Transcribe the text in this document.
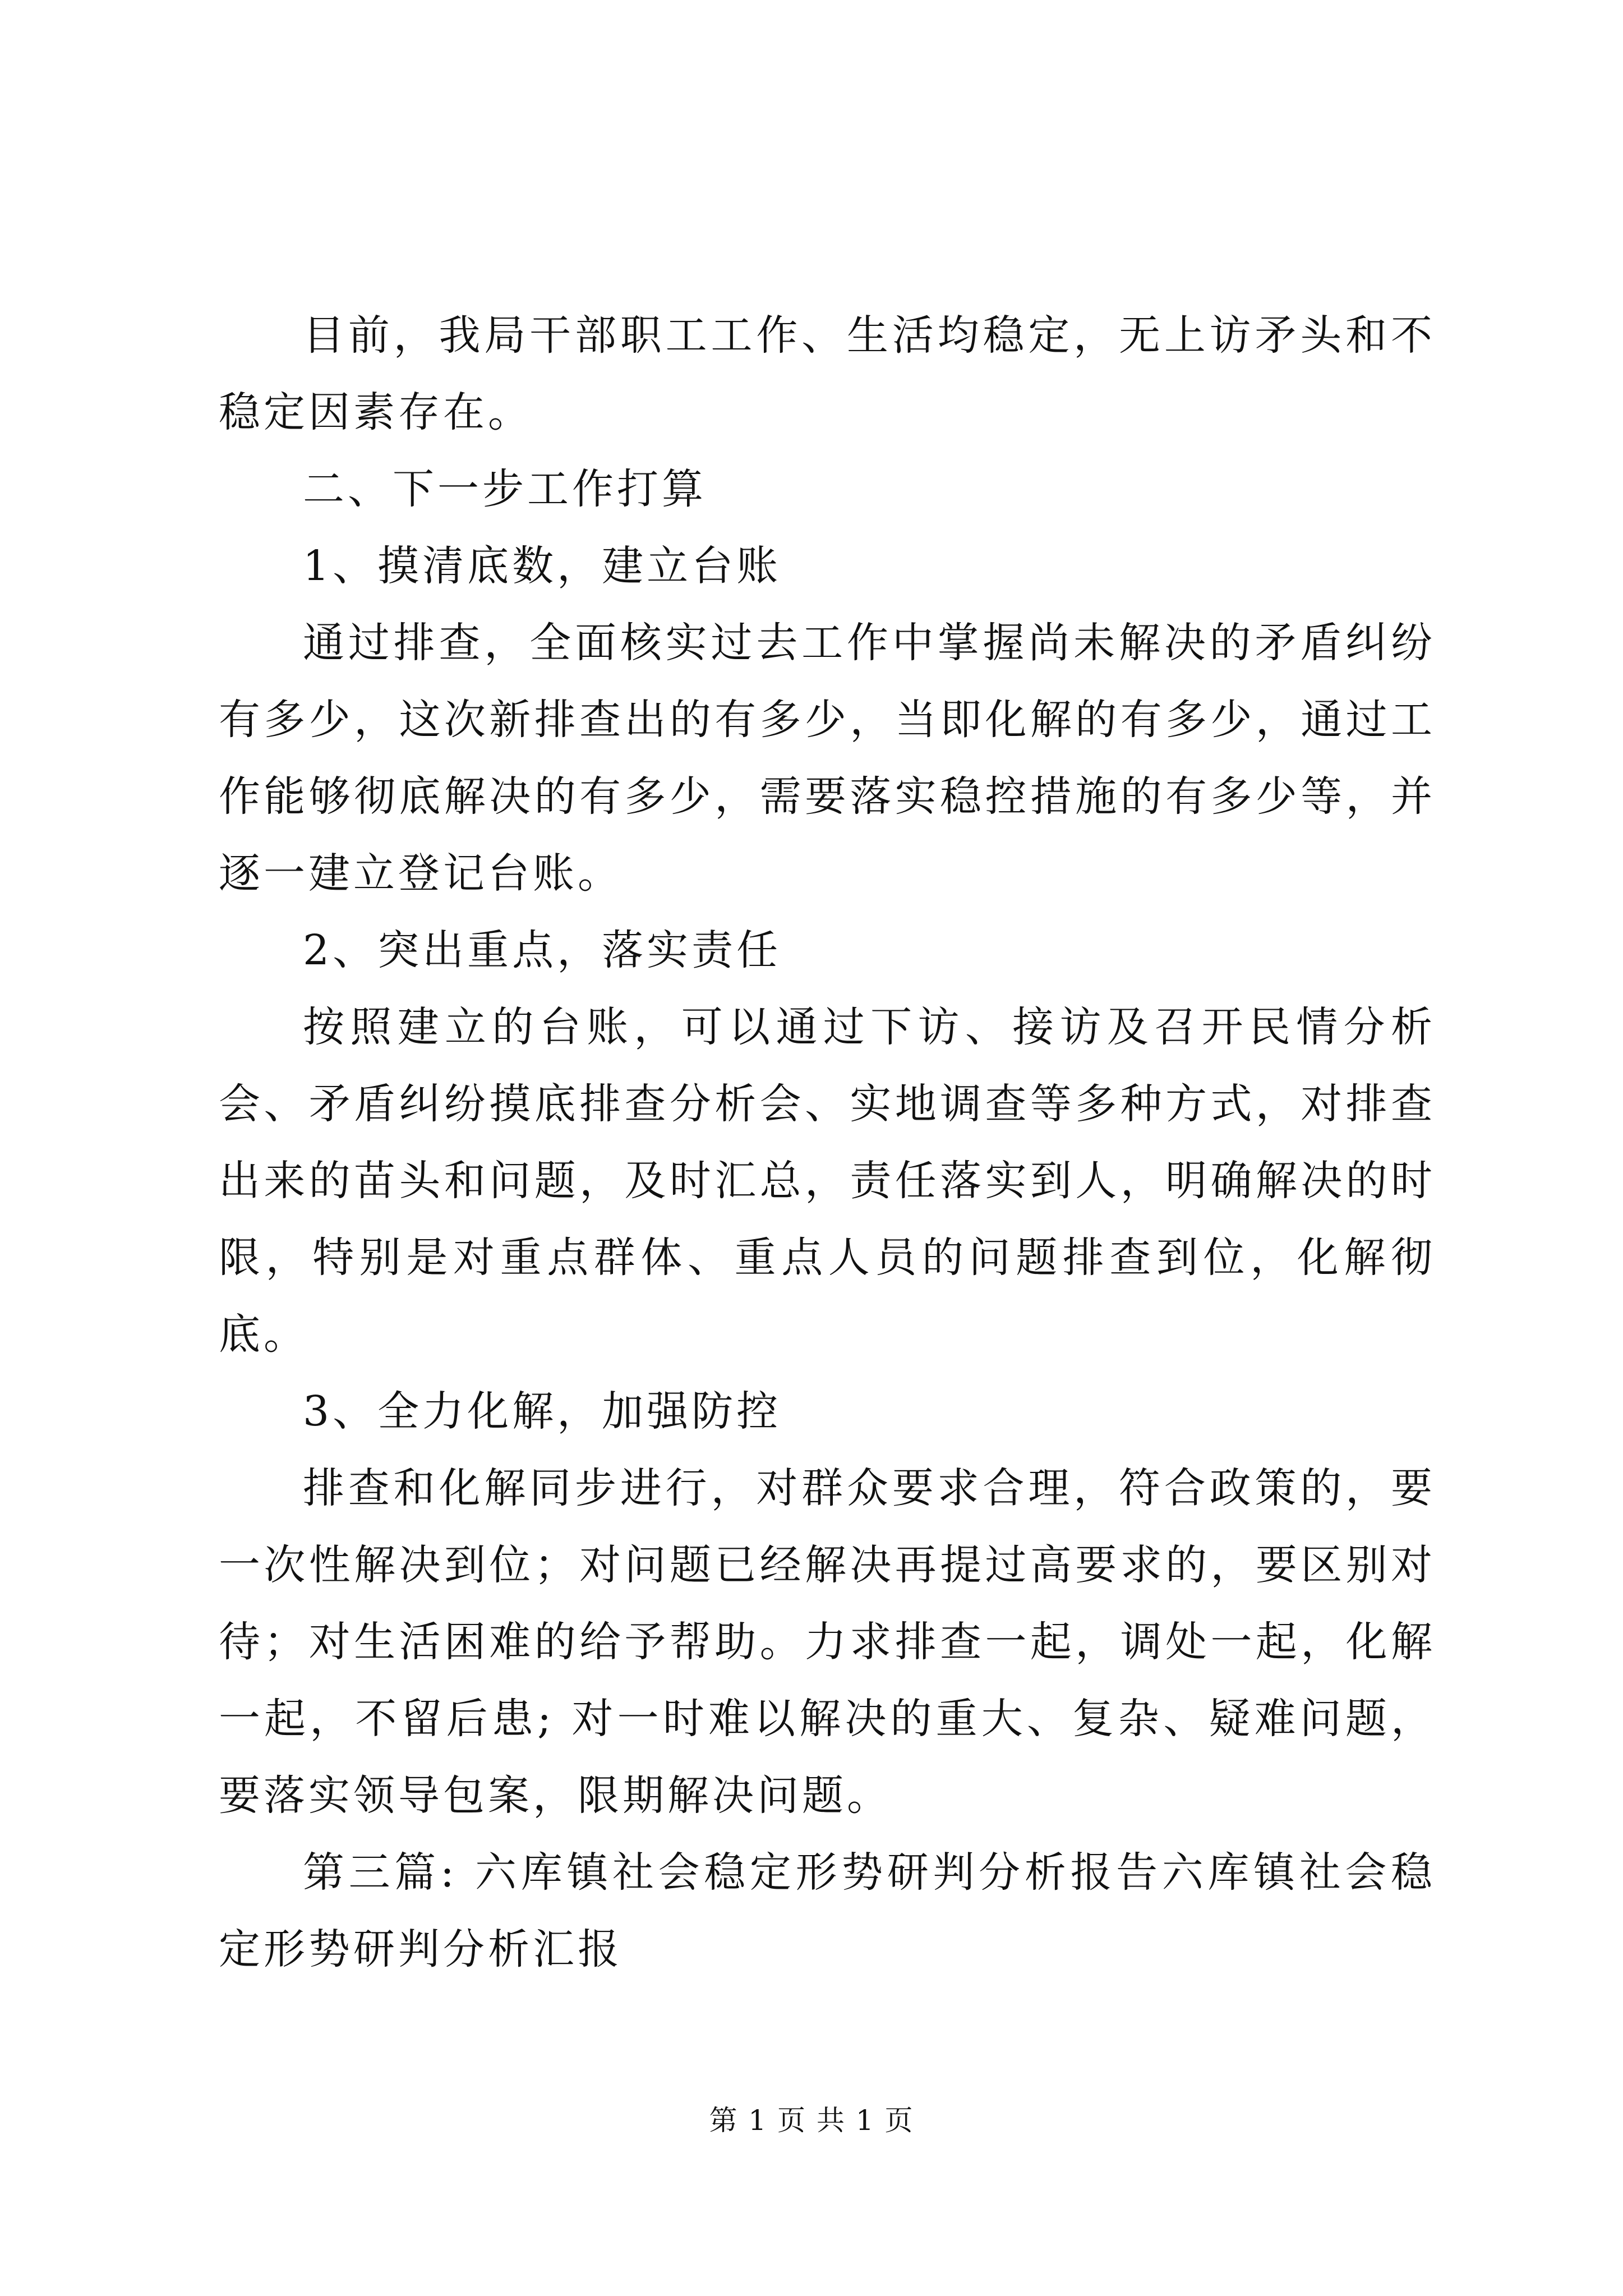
目前，我局干部职工工作、生活均稳定，无上访矛头和不稳定因素存在。

二、下一步工作打算

1、摸清底数，建立台账

通过排查，全面核实过去工作中掌握尚未解决的矛盾纠纷有多少，这次新排查出的有多少，当即化解的有多少，通过工作能够彻底解决的有多少，需要落实稳控措施的有多少等，并逐一建立登记台账。

2、突出重点，落实责任

按照建立的台账，可以通过下访、接访及召开民情分析会、矛盾纠纷摸底排查分析会、实地调查等多种方式，对排查出来的苗头和问题，及时汇总，责任落实到人，明确解决的时限，特别是对重点群体、重点人员的问题排查到位，化解彻底。

3、全力化解，加强防控

排查和化解同步进行，对群众要求合理，符合政策的，要一次性解决到位；对问题已经解决再提过高要求的，要区别对待；对生活困难的给予帮助。力求排查一起，调处一起，化解一起，不留后患; 对一时难以解决的重大、复杂、疑难问题，要落实领导包案，限期解决问题。

第三篇: 六库镇社会稳定形势研判分析报告六库镇社会稳定形势研判分析汇报

第 1 页 共 1 页
